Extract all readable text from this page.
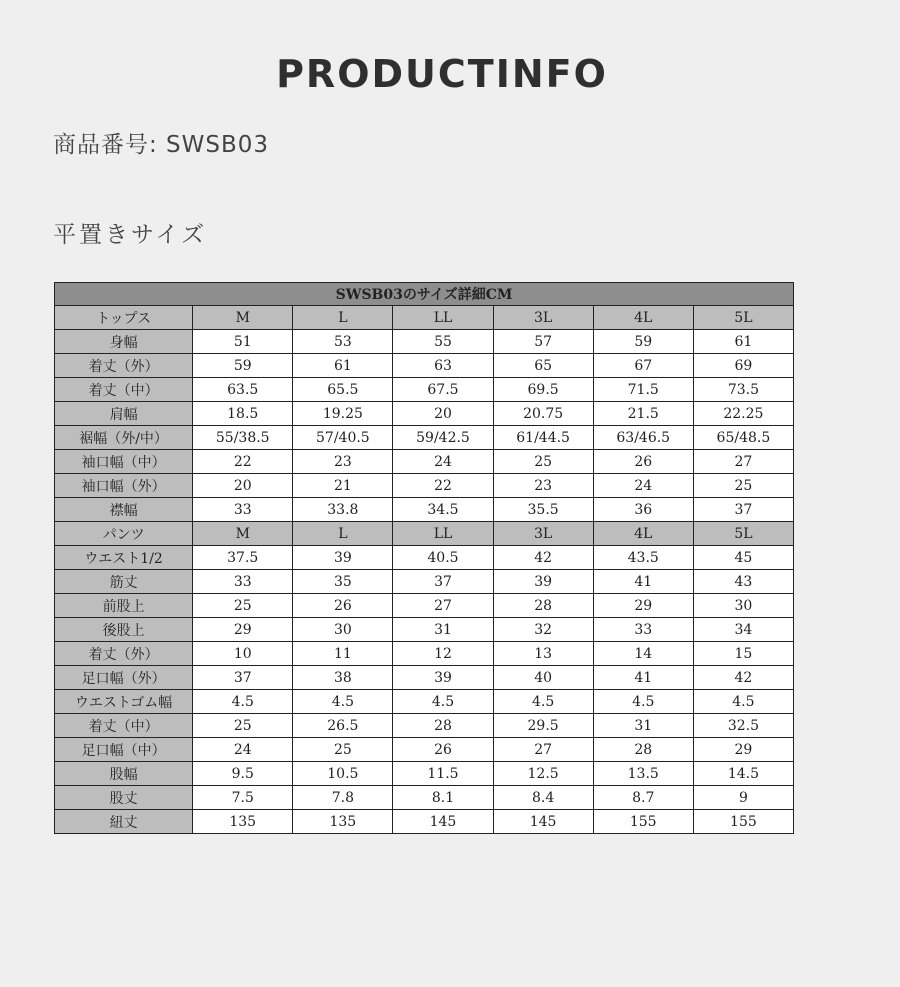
PRODUCTINFO
商品番号: SWSB03
平置きサイズ
SWSB03のサイズ詳細CM						
トップス	M	L	LL	3L	4L	5L
身幅	51	53	55	57	59	61
着丈（外）	59	61	63	65	67	69
着丈（中）	63.5	65.5	67.5	69.5	71.5	73.5
肩幅	18.5	19.25	20	20.75	21.5	22.25
裾幅（外/中）	55/38.5	57/40.5	59/42.5	61/44.5	63/46.5	65/48.5
袖口幅（中）	22	23	24	25	26	27
袖口幅（外）	20	21	22	23	24	25
襟幅	33	33.8	34.5	35.5	36	37
パンツ	M	L	LL	3L	4L	5L
ウエスト1/2	37.5	39	40.5	42	43.5	45
筋丈	33	35	37	39	41	43
前股上	25	26	27	28	29	30
後股上	29	30	31	32	33	34
着丈（外）	10	11	12	13	14	15
足口幅（外）	37	38	39	40	41	42
ウエストゴム幅	4.5	4.5	4.5	4.5	4.5	4.5
着丈（中）	25	26.5	28	29.5	31	32.5
足口幅（中）	24	25	26	27	28	29
股幅	9.5	10.5	11.5	12.5	13.5	14.5
股丈	7.5	7.8	8.1	8.4	8.7	9
紐丈	135	135	145	145	155	155
